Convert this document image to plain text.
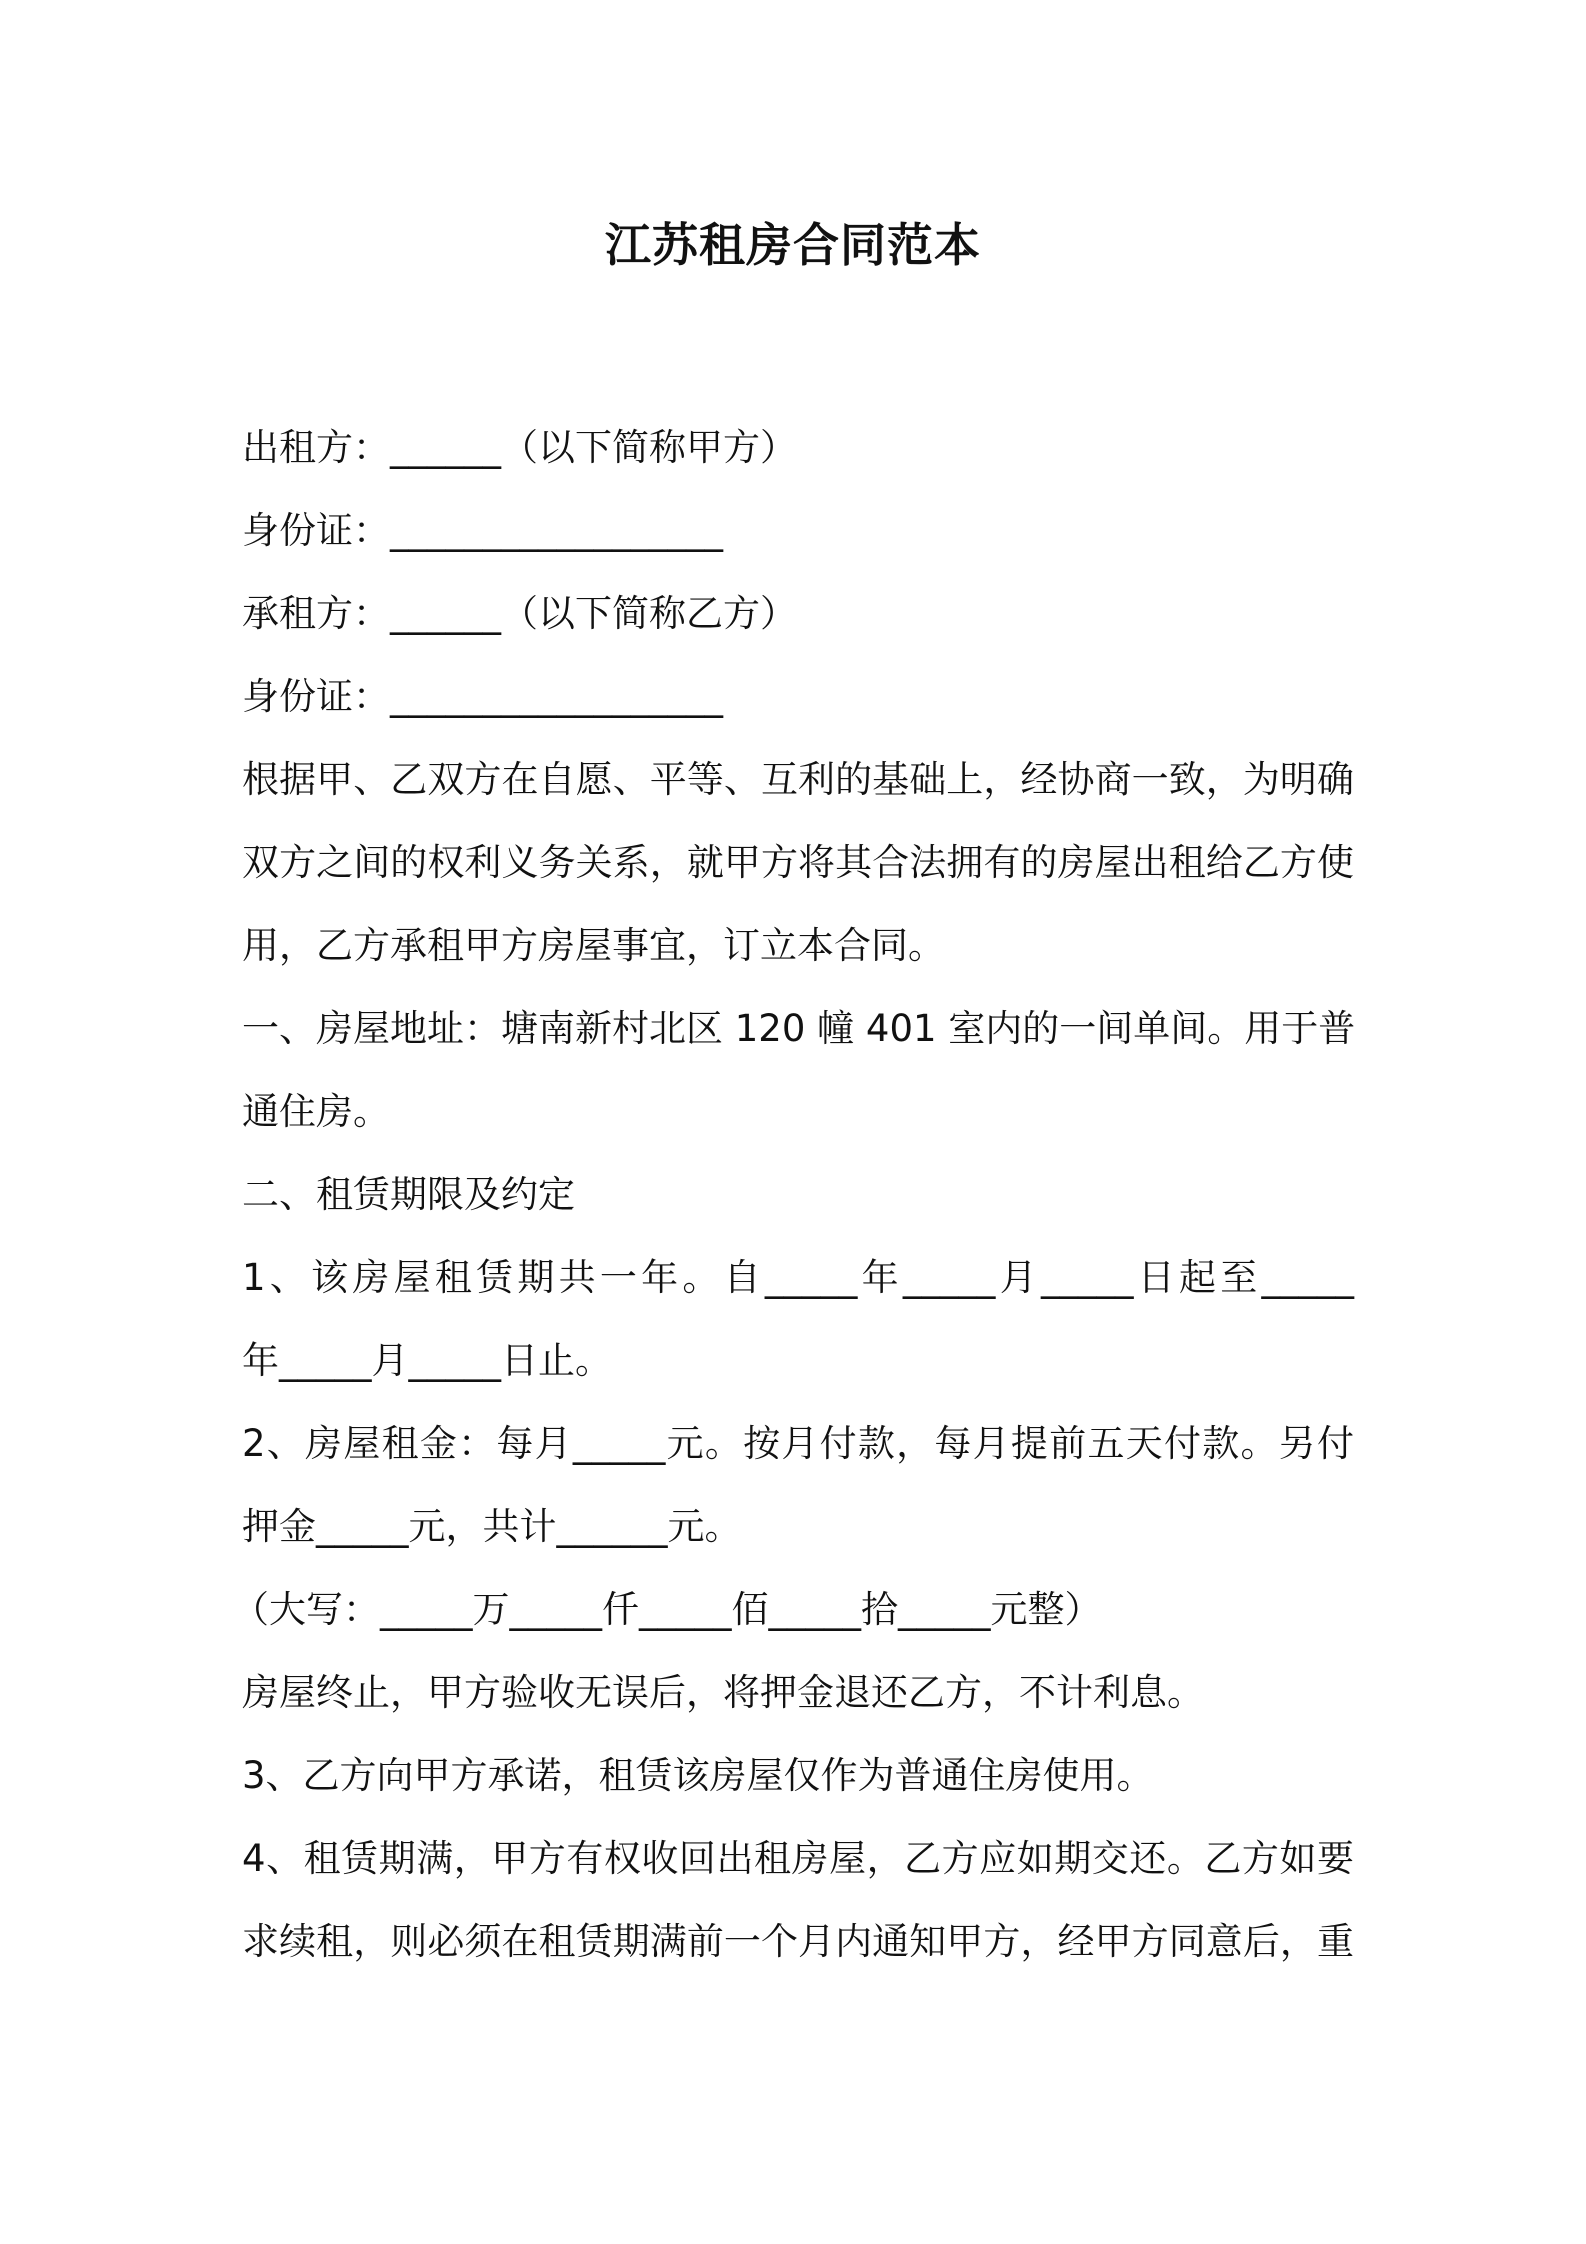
江苏租房合同范本
出租方：______（以下简称甲方）
身份证：__________________
承租方：______（以下简称乙方）
身份证：__________________
根据甲、乙双方在自愿、平等、互利的基础上，经协商一致，为明确
双方之间的权利义务关系，就甲方将其合法拥有的房屋出租给乙方使
用，乙方承租甲方房屋事宜，订立本合同。
一、房屋地址：塘南新村北区 120 幢 401 室内的一间单间。用于普
通住房。
二、租赁期限及约定
1、该房屋租赁期共一年。自_____年_____月_____日起至_____
年_____月_____日止。
2、房屋租金：每月_____元。按月付款，每月提前五天付款。另付
押金_____元，共计______元。
（大写：_____万_____仟_____佰_____拾_____元整）
房屋终止，甲方验收无误后，将押金退还乙方，不计利息。
3、乙方向甲方承诺，租赁该房屋仅作为普通住房使用。
4、租赁期满，甲方有权收回出租房屋，乙方应如期交还。乙方如要
求续租，则必须在租赁期满前一个月内通知甲方，经甲方同意后，重
